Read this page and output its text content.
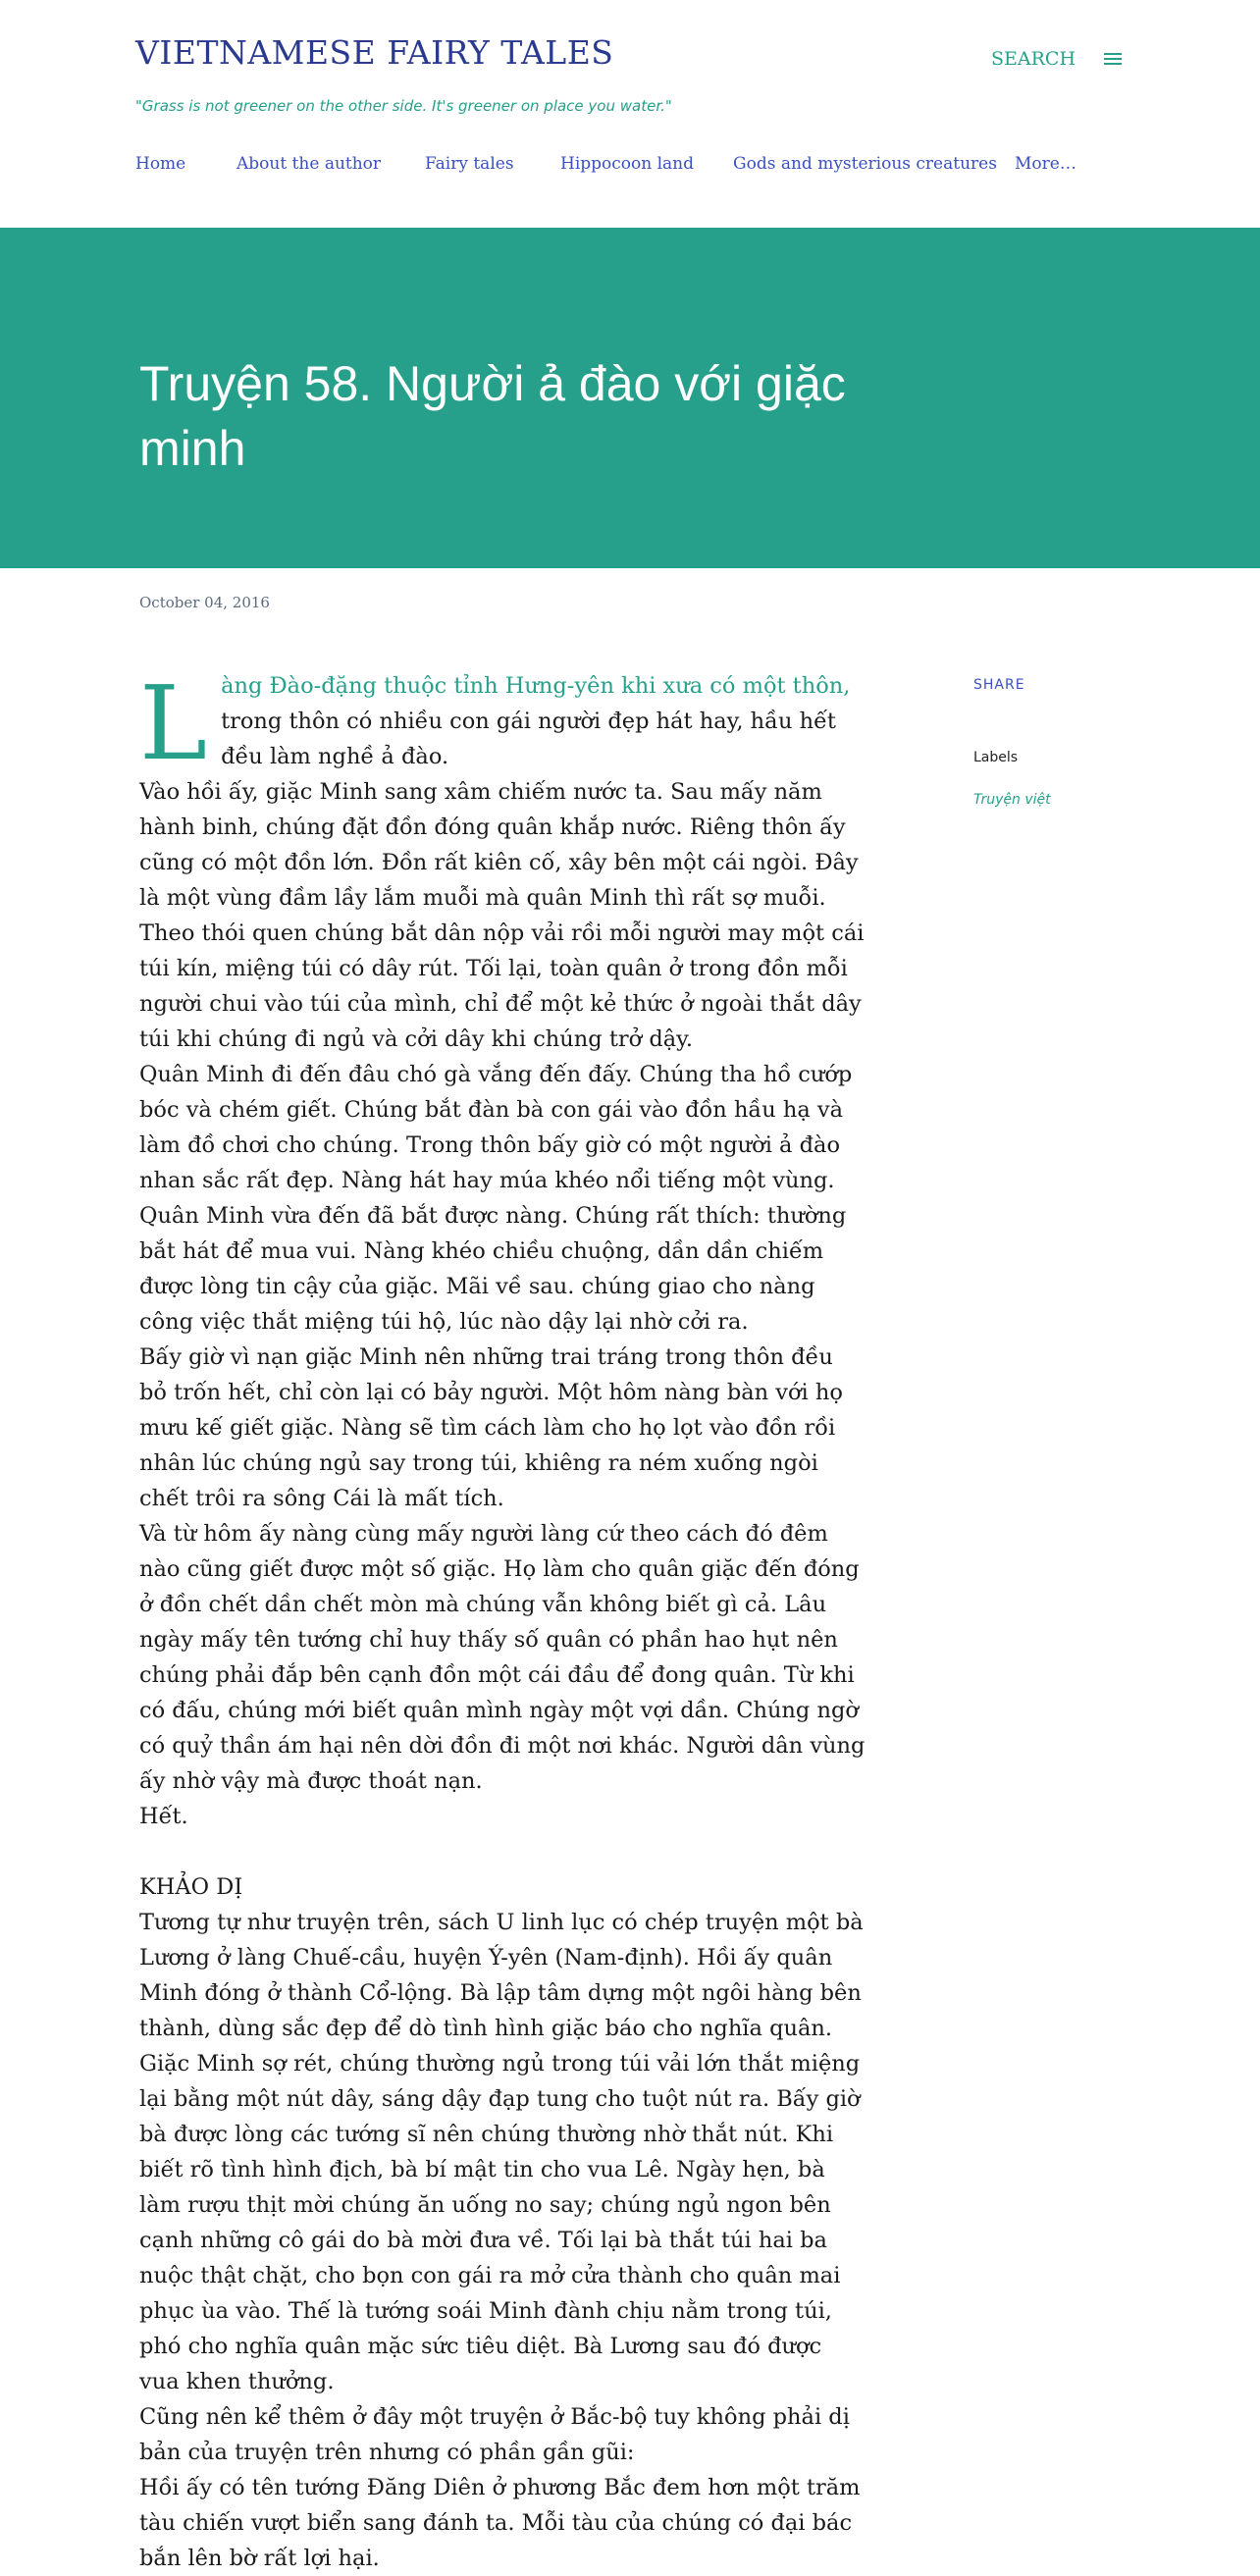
VIETNAMESE FAIRY TALES
"Grass is not greener on the other side. It's greener on place you water."
SEARCH
Home	About the author	Fairy tales	Hippocoon land Gods and mysterious creatures More…
Truyện 58. Người ả đào với giặc minh
October 04, 2016

Làng Đào-đặng thuộc tỉnh Hưng-yên khi xưa có một thôn, trong thôn có nhiều con gái người đẹp hát hay, hầu hết đều làm nghề ả đào.

Vào hồi ấy, giặc Minh sang xâm chiếm nước ta. Sau mấy năm hành binh, chúng đặt đồn đóng quân khắp nước. Riêng thôn ấy cũng có một đồn lớn. Đồn rất kiên cố, xây bên một cái ngòi. Đây là một vùng đầm lầy lắm muỗi mà quân Minh thì rất sợ muỗi. Theo thói quen chúng bắt dân nộp vải rồi mỗi người may một cái túi kín, miệng túi có dây rút. Tối lại, toàn quân ở trong đồn mỗi người chui vào túi của mình, chỉ để một kẻ thức ở ngoài thắt dây túi khi chúng đi ngủ và cởi dây khi chúng trở dậy.

Quân Minh đi đến đâu chó gà vắng đến đấy. Chúng tha hồ cướp bóc và chém giết. Chúng bắt đàn bà con gái vào đồn hầu hạ và làm đồ chơi cho chúng. Trong thôn bấy giờ có một người ả đào nhan sắc rất đẹp. Nàng hát hay múa khéo nổi tiếng một vùng. Quân Minh vừa đến đã bắt được nàng. Chúng rất thích: thường bắt hát để mua vui. Nàng khéo chiều chuộng, dần dần chiếm được lòng tin cậy của giặc. Mãi về sau. chúng giao cho nàng công việc thắt miệng túi hộ, lúc nào dậy lại nhờ cởi ra.

Bấy giờ vì nạn giặc Minh nên những trai tráng trong thôn đều bỏ trốn hết, chỉ còn lại có bảy người. Một hôm nàng bàn với họ mưu kế giết giặc. Nàng sẽ tìm cách làm cho họ lọt vào đồn rồi nhân lúc chúng ngủ say trong túi, khiêng ra ném xuống ngòi chết trôi ra sông Cái là mất tích.

Và từ hôm ấy nàng cùng mấy người làng cứ theo cách đó đêm nào cũng giết được một số giặc. Họ làm cho quân giặc đến đóng ở đồn chết dần chết mòn mà chúng vẫn không biết gì cả. Lâu ngày mấy tên tướng chỉ huy thấy số quân có phần hao hụt nên chúng phải đắp bên cạnh đồn một cái đầu để đong quân. Từ khi có đấu, chúng mới biết quân mình ngày một vợi dần. Chúng ngờ có quỷ thần ám hại nên dời đồn đi một nơi khác. Người dân vùng ấy nhờ vậy mà được thoát nạn.

Hết.

KHẢO DỊ

Tương tự như truyện trên, sách U linh lục có chép truyện một bà Lương ở làng Chuế-cầu, huyện Ý-yên (Nam-định). Hồi ấy quân Minh đóng ở thành Cổ-lộng. Bà lập tâm dựng một ngôi hàng bên thành, dùng sắc đẹp để dò tình hình giặc báo cho nghĩa quân. Giặc Minh sợ rét, chúng thường ngủ trong túi vải lớn thắt miệng lại bằng một nút dây, sáng dậy đạp tung cho tuột nút ra. Bấy giờ bà được lòng các tướng sĩ nên chúng thường nhờ thắt nút. Khi biết rõ tình hình địch, bà bí mật tin cho vua Lê. Ngày hẹn, bà làm rượu thịt mời chúng ăn uống no say; chúng ngủ ngon bên cạnh những cô gái do bà mời đưa về. Tối lại bà thắt túi hai ba nuộc thật chặt, cho bọn con gái ra mở cửa thành cho quân mai phục ùa vào. Thế là tướng soái Minh đành chịu nằm trong túi, phó cho nghĩa quân mặc sức tiêu diệt. Bà Lương sau đó được vua khen thưởng.

Cũng nên kể thêm ở đây một truyện ở Bắc-bộ tuy không phải dị bản của truyện trên nhưng có phần gần gũi:

Hồi ấy có tên tướng Đăng Diên ở phương Bắc đem hơn một trăm tàu chiến vượt biển sang đánh ta. Mỗi tàu của chúng có đại bác bắn lên bờ rất lợi hại.

SHARE
Labels
Truyện việt
